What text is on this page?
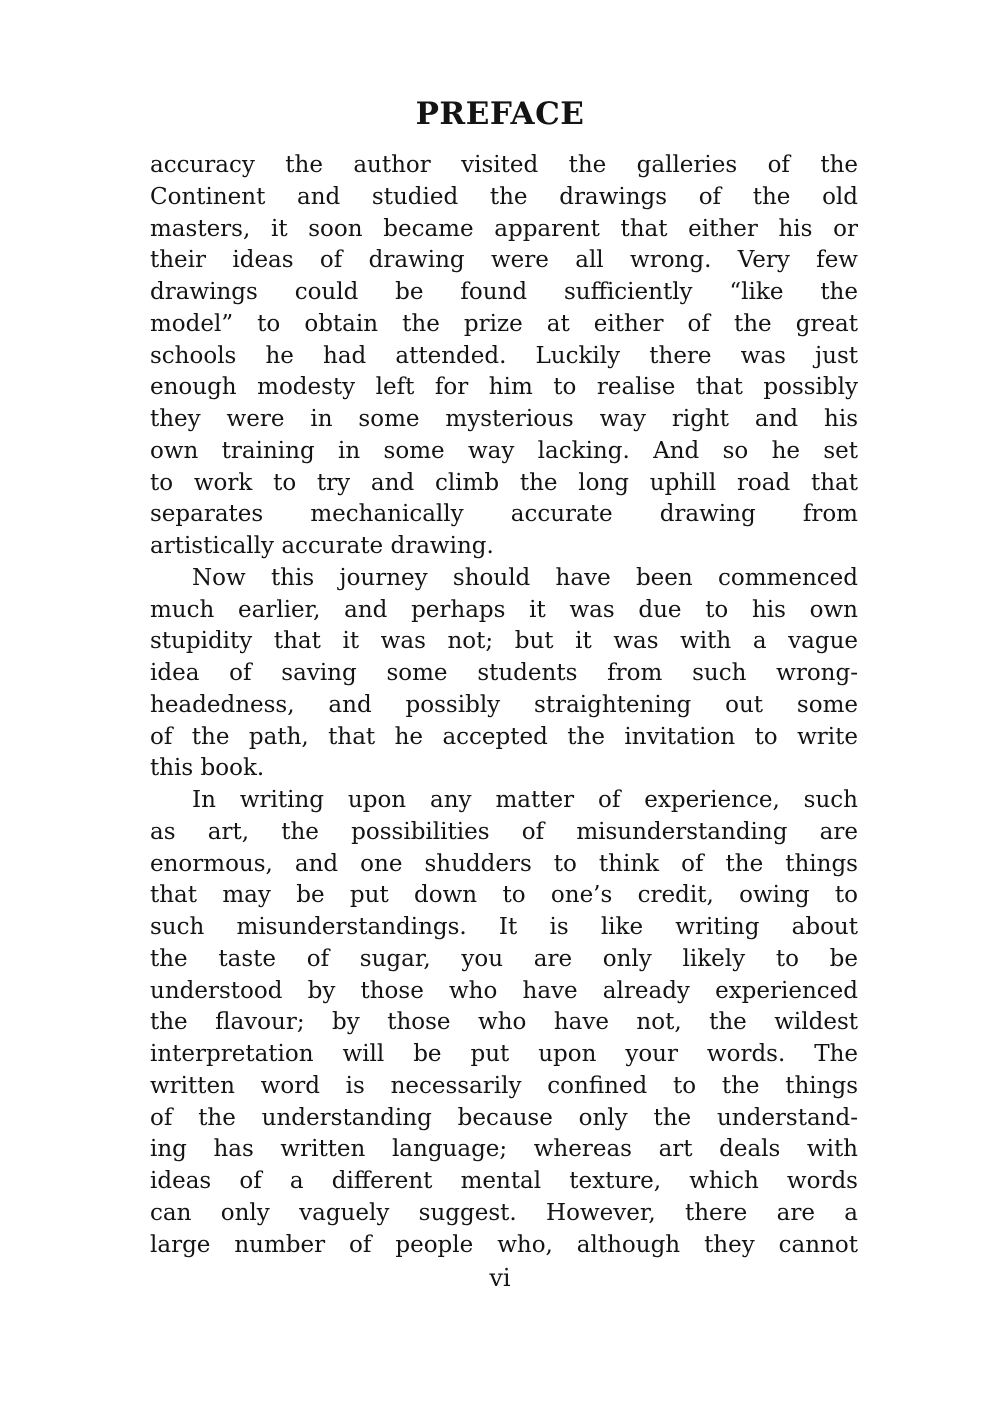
PREFACE
accuracy the author visited the galleries of the
Continent and studied the drawings of the old
masters, it soon became apparent that either his or
their ideas of drawing were all wrong. Very few
drawings could be found sufficiently “like the
model” to obtain the prize at either of the great
schools he had attended. Luckily there was just
enough modesty left for him to realise that possibly
they were in some mysterious way right and his
own training in some way lacking. And so he set
to work to try and climb the long uphill road that
separates mechanically accurate drawing from
artistically accurate drawing.
Now this journey should have been commenced
much earlier, and perhaps it was due to his own
stupidity that it was not; but it was with a vague
idea of saving some students from such wrong-
headedness, and possibly straightening out some
of the path, that he accepted the invitation to write
this book.
In writing upon any matter of experience, such
as art, the possibilities of misunderstanding are
enormous, and one shudders to think of the things
that may be put down to one’s credit, owing to
such misunderstandings. It is like writing about
the taste of sugar, you are only likely to be
understood by those who have already experienced
the flavour; by those who have not, the wildest
interpretation will be put upon your words. The
written word is necessarily confined to the things
of the understanding because only the understand-
ing has written language; whereas art deals with
ideas of a different mental texture, which words
can only vaguely suggest. However, there are a
large number of people who, although they cannot
vi
